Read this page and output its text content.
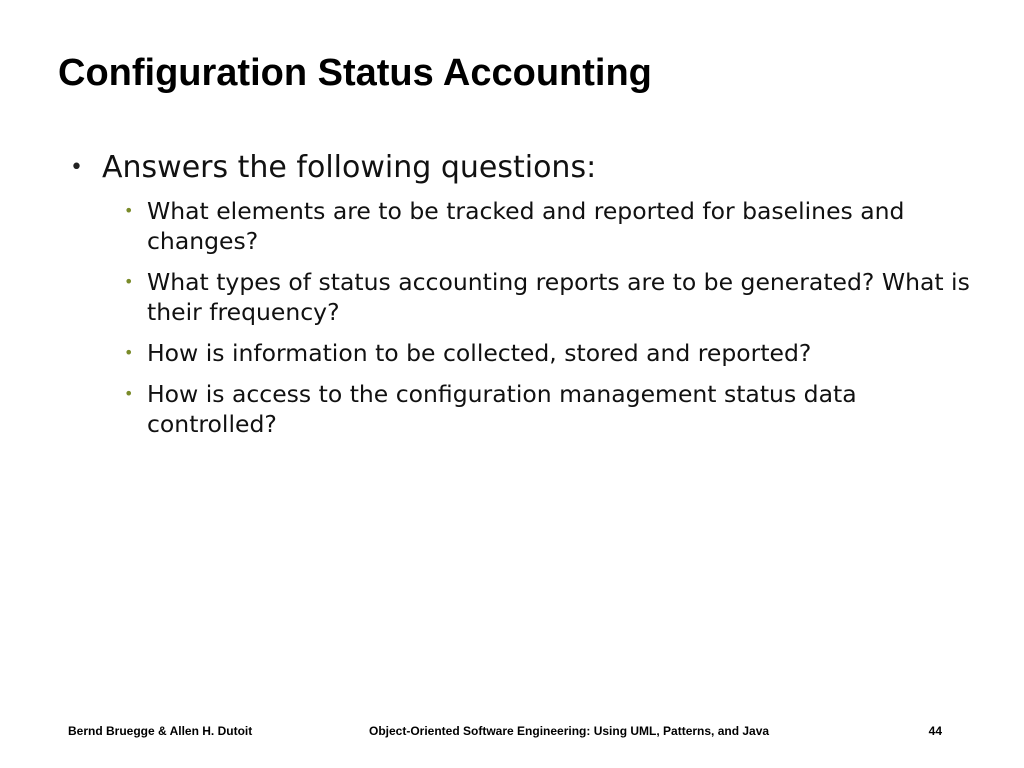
Configuration Status Accounting
• Answers the following questions:
• What elements are to be tracked and reported for baselines and changes?
• What types of status accounting reports are to be generated? What is their frequency?
• How is information to be collected, stored and reported?
• How is access to the configuration management status data controlled?
Bernd Bruegge & Allen H. Dutoit	Object-Oriented Software Engineering: Using UML, Patterns, and Java	44
